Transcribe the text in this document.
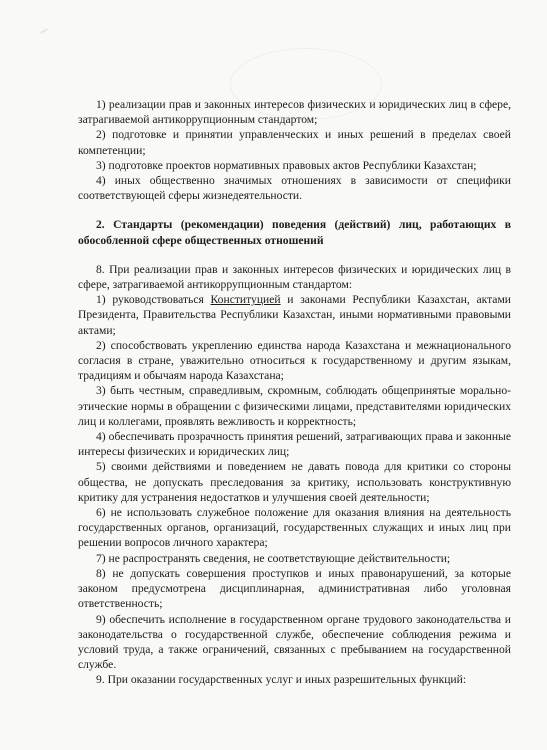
1) реализации прав и законных интересов физических и юридических лиц в сфере, затрагиваемой антикоррупционным стандартом;

2) подготовке и принятии управленческих и иных решений в пределах своей компетенции;

3) подготовке проектов нормативных правовых актов Республики Казахстан;

4) иных общественно значимых отношениях в зависимости от специфики соответствующей сферы жизнедеятельности.

2. Стандарты (рекомендации) поведения (действий) лиц, работающих в обособленной сфере общественных отношений

8. При реализации прав и законных интересов физических и юридических лиц в сфере, затрагиваемой антикоррупционным стандартом:

1) руководствоваться Конституцией и законами Республики Казахстан, актами Президента, Правительства Республики Казахстан, иными нормативными правовыми актами;

2) способствовать укреплению единства народа Казахстана и межнационального согласия в стране, уважительно относиться к государственному и другим языкам, традициям и обычаям народа Казахстана;

3) быть честным, справедливым, скромным, соблюдать общепринятые морально-этические нормы в обращении с физическими лицами, представителями юридических лиц и коллегами, проявлять вежливость и корректность;

4) обеспечивать прозрачность принятия решений, затрагивающих права и законные интересы физических и юридических лиц;

5) своими действиями и поведением не давать повода для критики со стороны общества, не допускать преследования за критику, использовать конструктивную критику для устранения недостатков и улучшения своей деятельности;

6) не использовать служебное положение для оказания влияния на деятельность государственных органов, организаций, государственных служащих и иных лиц при решении вопросов личного характера;

7) не распространять сведения, не соответствующие действительности;

8) не допускать совершения проступков и иных правонарушений, за которые законом предусмотрена дисциплинарная, административная либо уголовная ответственность;

9) обеспечить исполнение в государственном органе трудового законодательства и законодательства о государственной службе, обеспечение соблюдения режима и условий труда, а также ограничений, связанных с пребыванием на государственной службе.

9. При оказании государственных услуг и иных разрешительных функций:
